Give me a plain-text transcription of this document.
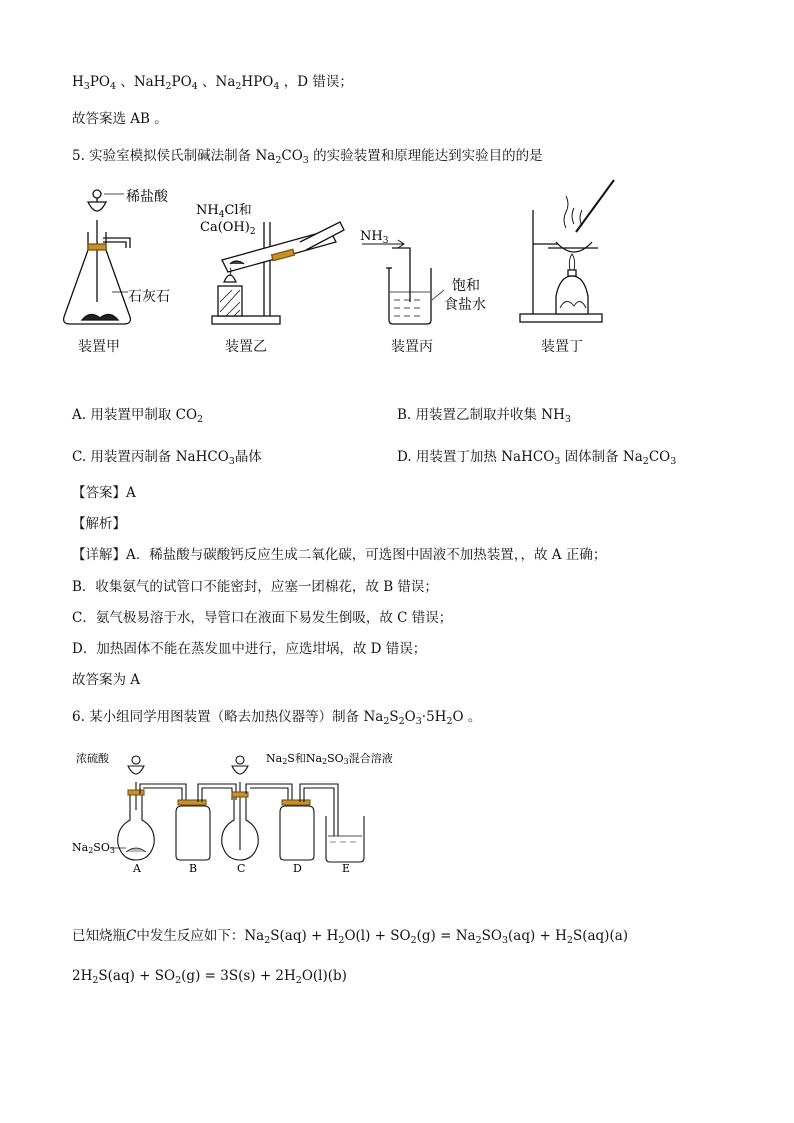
$H_3PO_4$ 、$NaH_2PO_4$ 、$Na_2HPO_4$ ，D 错误；
故答案选 AB 。
5. 实验室模拟侯氏制碱法制备 $Na_2CO_3$ 的实验装置和原理能达到实验目的的是
稀盐酸
石灰石
$NH_4Cl$和
$Ca(OH)_2$	$NH_3$
饱和
食盐水
装置甲	装置乙	装置丙	装置丁
A. 用装置甲制取 $CO_2$	B. 用装置乙制取并收集 $NH_3$
C. 用装置丙制备 NaHCO$_3$晶体	D. 用装置丁加热 NaHCO$_3$ 固体制备 $Na_2CO_3$
【答案】A
【解析】
【详解】A．稀盐酸与碳酸钙反应生成二氧化碳，可选图中固液不加热装置，，故 A 正确；
B．收集氨气的试管口不能密封，应塞一团棉花，故 B 错误；
C．氨气极易溶于水，导管口在液面下易发生倒吸，故 C 错误；
D．加热固体不能在蒸发皿中进行，应选坩埚，故 D 错误；
故答案为 A
6. 某小组同学用图装置（略去加热仪器等）制备 $Na_2S_2O_3\cdot 5H_2O$ 。
浓硫酸	Na2S和Na2SO3混合溶液
Na2SO3
A	B	C	D	E
已知烧瓶C中发生反应如下：$Na_2S(aq) + H_2O(l) + SO_2(g) = Na_2SO_3(aq) + H_2S(aq)(a)$
$2H_2S(aq) + SO_2(g) = 3S(s) + 2H_2O(l)(b)$
